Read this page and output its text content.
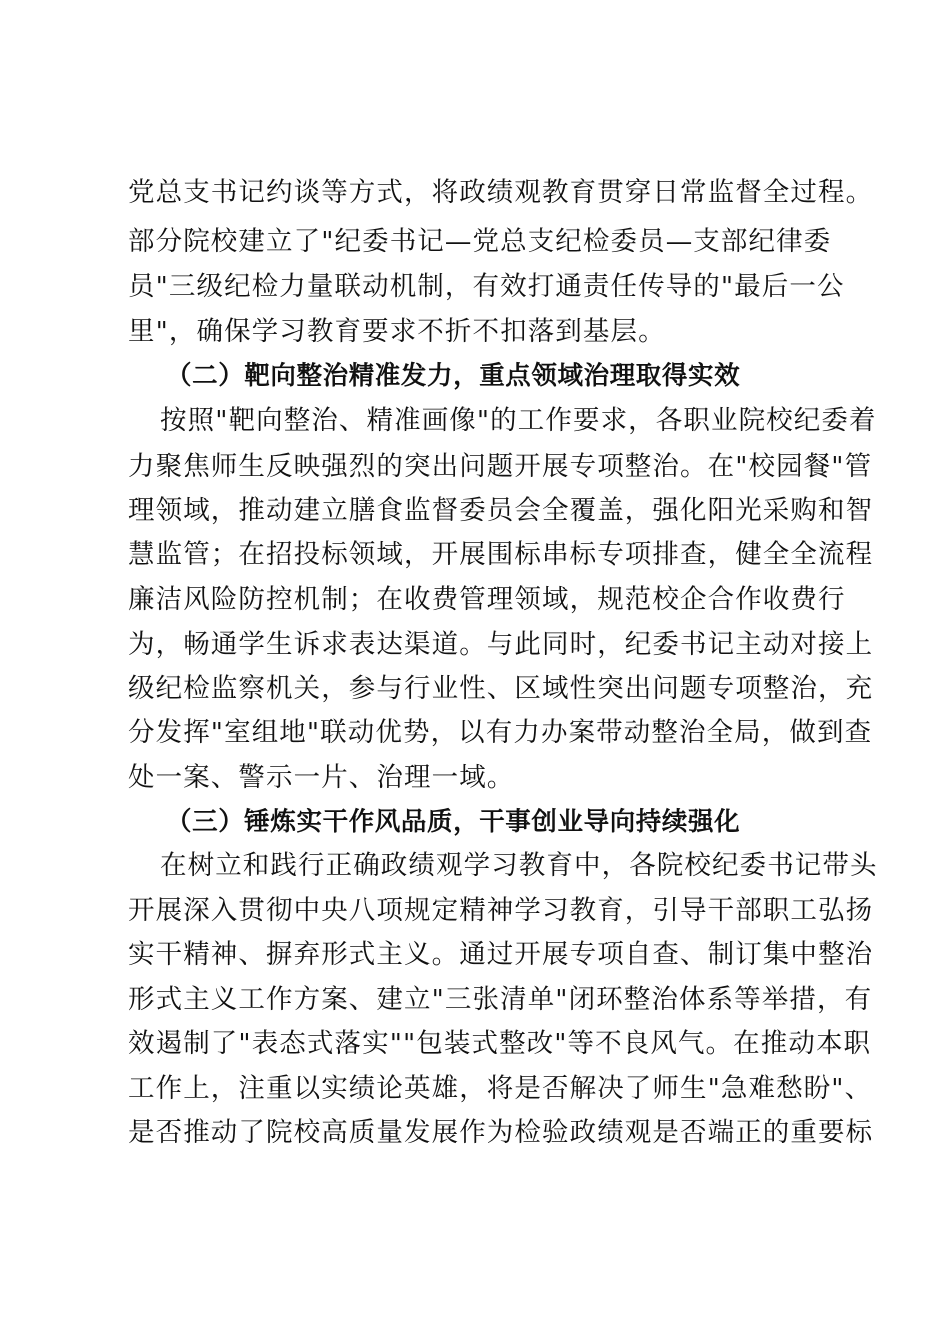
党总支书记约谈等方式，将政绩观教育贯穿日常监督全过程。
部分院校建立了"纪委书记—党总支纪检委员—支部纪律委
员"三级纪检力量联动机制，有效打通责任传导的"最后一公
里"，确保学习教育要求不折不扣落到基层。
（二）靶向整治精准发力，重点领域治理取得实效
按照"靶向整治、精准画像"的工作要求，各职业院校纪委着
力聚焦师生反映强烈的突出问题开展专项整治。在"校园餐"管
理领域，推动建立膳食监督委员会全覆盖，强化阳光采购和智
慧监管；在招投标领域，开展围标串标专项排查，健全全流程
廉洁风险防控机制；在收费管理领域，规范校企合作收费行
为，畅通学生诉求表达渠道。与此同时，纪委书记主动对接上
级纪检监察机关，参与行业性、区域性突出问题专项整治，充
分发挥"室组地"联动优势，以有力办案带动整治全局，做到查
处一案、警示一片、治理一域。
（三）锤炼实干作风品质，干事创业导向持续强化
在树立和践行正确政绩观学习教育中，各院校纪委书记带头
开展深入贯彻中央八项规定精神学习教育，引导干部职工弘扬
实干精神、摒弃形式主义。通过开展专项自查、制订集中整治
形式主义工作方案、建立"三张清单"闭环整治体系等举措，有
效遏制了"表态式落实""包装式整改"等不良风气。在推动本职
工作上，注重以实绩论英雄，将是否解决了师生"急难愁盼"、
是否推动了院校高质量发展作为检验政绩观是否端正的重要标
